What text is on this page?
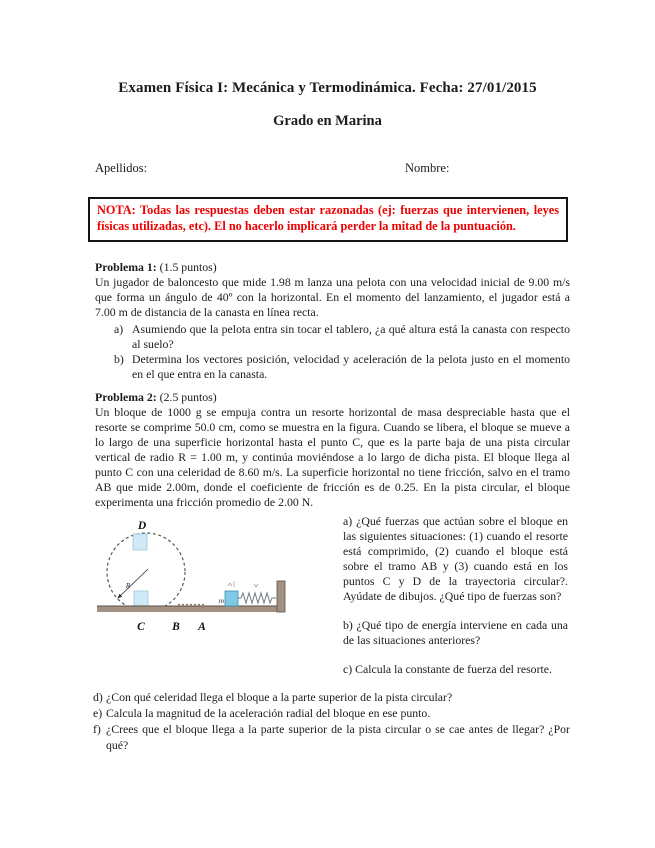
Examen Física I: Mecánica y Termodinámica. Fecha: 27/01/2015
Grado en Marina
Apellidos:	Nombre:
NOTA: Todas las respuestas deben estar razonadas (ej: fuerzas que intervienen, leyes físicas utilizadas, etc). El no hacerlo implicará perder la mitad de la puntuación.
Problema 1: (1.5 puntos)
Un jugador de baloncesto que mide 1.98 m lanza una pelota con una velocidad inicial de 9.00 m/s que forma un ángulo de 40º con la horizontal. En el momento del lanzamiento, el jugador está a 7.00 m de distancia de la canasta en línea recta.
a) Asumiendo que la pelota entra sin tocar el tablero, ¿a qué altura está la canasta con respecto al suelo?
b) Determina los vectores posición, velocidad y aceleración de la pelota justo en el momento en el que entra en la canasta.
Problema 2: (2.5 puntos)
Un bloque de 1000 g se empuja contra un resorte horizontal de masa despreciable hasta que el resorte se comprime 50.0 cm, como se muestra en la figura. Cuando se libera, el bloque se mueve a lo largo de una superficie horizontal hasta el punto C, que es la parte baja de una pista circular vertical de radio R = 1.00 m, y continúa moviéndose a lo largo de dicha pista. El bloque llega al punto C con una celeridad de 8.60 m/s. La superficie horizontal no tiene fricción, salvo en el tramo AB que mide 2.00m, donde el coeficiente de fricción es de 0.25. En la pista circular, el bloque experimenta una fricción promedio de 2.00 N.
R
m
D
C B A
a) ¿Qué fuerzas que actúan sobre el bloque en las siguientes situaciones: (1) cuando el resorte está comprimido, (2) cuando el bloque está sobre el tramo AB y (3) cuando está en los puntos C y D de la trayectoria circular?. Ayúdate de dibujos. ¿Qué tipo de fuerzas son?
b) ¿Qué tipo de energía interviene en cada una de las situaciones anteriores?
c) Calcula la constante de fuerza del resorte.
d) ¿Con qué celeridad llega el bloque a la parte superior de la pista circular?
e) Calcula la magnitud de la aceleración radial del bloque en ese punto.
f) ¿Crees que el bloque llega a la parte superior de la pista circular o se cae antes de llegar? ¿Por qué?
